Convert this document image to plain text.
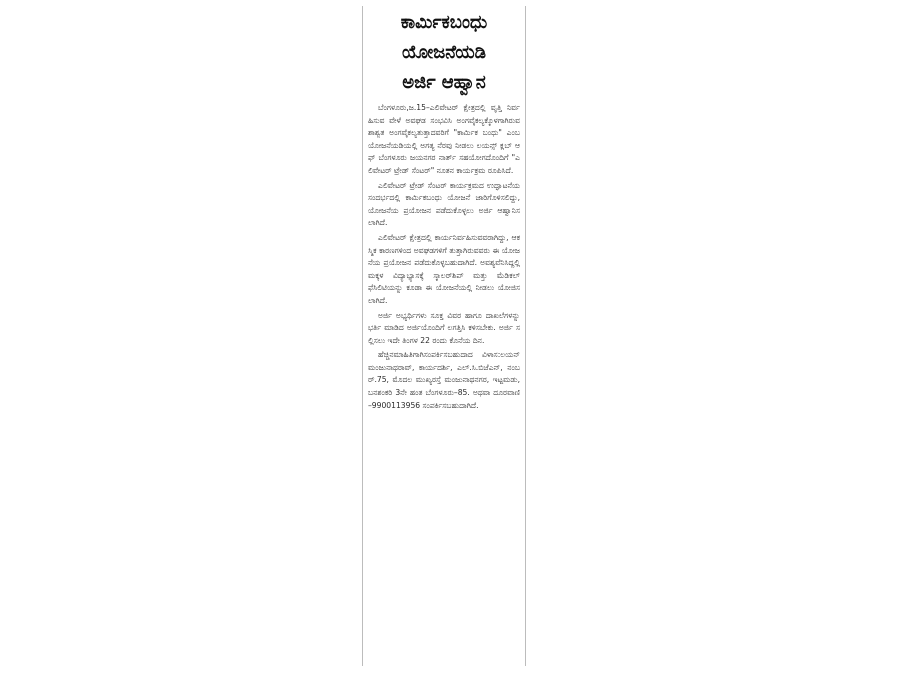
ಕಾರ್ಮಿಕಬಂಧು
ಯೋಜನೆಯಡಿ
ಅರ್ಜಿ ಆಹ್ವಾನ

ಬೆಂಗಳೂರು,ಜ.15–ಎಲಿವೇಟರ್ ಕ್ಷೇತ್ರದಲ್ಲಿ ವೃತ್ತಿ ನಿರ್ವಹಿಸುವ ವೇಳೆ ಅವಘಡ ಸಂಭವಿಸಿ ಅಂಗವೈಕಲ್ಯಕ್ಕೊಳಗಾಗಿರುವ ಶಾಶ್ವತ ಅಂಗವೈಕಲ್ಯತುತ್ತಾದವರಿಗೆ "ಕಾರ್ಮಿಕ ಬಂಧು" ಎಂಬ ಯೋಜನೆಯಡಿಯಲ್ಲಿ ಅಗತ್ಯ ನೆರವು ನೀಡಲು ಲಯನ್ಸ್ ಕ್ಲಬ್ ಆಫ್ ಬೆಂಗಳೂರು ಜಯನಗರ ನಾರ್ತ್ ಸಹಯೋಗದೊಂದಿಗೆ "ಎಲಿವೇಟರ್ ಟ್ರೇಡ್ ಸೆಂಟರ್" ನೂತನ ಕಾರ್ಯಕ್ರಮ ರೂಪಿಸಿದೆ.

ಎಲಿವೇಟರ್ ಟ್ರೇಡ್ ಸೆಂಟರ್ ಕಾರ್ಯಕ್ರಮದ ಉದ್ಘಾಟನೆಯ ಸಂದರ್ಭದಲ್ಲಿ ಕಾರ್ಮಿಕಬಂಧು ಯೋಜನೆ ಜಾರಿಗೊಳಿಸಲಿದ್ದು, ಯೋಜನೆಯ ಪ್ರಯೋಜನ ಪಡೆದುಕೊಳ್ಳಲು ಅರ್ಜಿ ಆಹ್ವಾನಿಸಲಾಗಿದೆ.

ಎಲಿವೇಟರ್ ಕ್ಷೇತ್ರದಲ್ಲಿ ಕಾರ್ಯನಿರ್ವಹಿಸುವವರಾಗಿದ್ದು, ಆಕಸ್ಮಿಕ ಕಾರಣಗಳಿಂದ ಅವಘಡಗಳಿಗೆ ತುತ್ತಾಗಿರುವವರು ಈ ಯೋಜನೆಯ ಪ್ರಯೋಜನ ಪಡೆದುಕೊಳ್ಳಬಹುದಾಗಿದೆ. ಅವಶ್ಯವೆನಿಸಿದ್ದಲ್ಲಿ ಮಕ್ಕಳ ವಿದ್ಯಾಭ್ಯಾಸಕ್ಕೆ ಸ್ಕಾಲರ್‌ಶಿಪ್ ಮತ್ತು ಮೆಡಿಕಲ್ ಫೆಸಿಲಿಟಿಯನ್ನು ಕೂಡಾ ಈ ಯೋಜನೆಯಲ್ಲಿ ನೀಡಲು ಯೋಜಿಸಲಾಗಿದೆ.

ಅರ್ಜಿ ಅಭ್ಯರ್ಥಿಗಳು ಸೂಕ್ತ ವಿವರ ಹಾಗೂ ದಾಖಲೆಗಳನ್ನು ಭರ್ತಿ ಮಾಡಿದ ಅರ್ಜಿಯೊಂದಿಗೆ ಲಗತ್ತಿಸಿ ಕಳಿಸಬೇಕು. ಅರ್ಜಿ ಸಲ್ಲಿಸಲು ಇದೇ ತಿಂಗಳ 22 ರಂದು ಕೊನೆಯ ದಿನ.

ಹೆಚ್ಚಿನಮಾಹಿತಿಗಾಗಿಸಂಪರ್ಕಿಸಬಹುದಾದ ವಿಳಾಸ:ಲಯನ್ ಮಂಜುನಾಥರಾವ್, ಕಾರ್ಯದರ್ಶಿ, ಎಲ್.ಸಿ.ಬಿಜೆಎನ್, ನಂಬರ್.75, ಮೊದಲ ಮುಖ್ಯರಸ್ತೆ ಮಂಜುನಾಥನಗರ, ಇಟ್ಟಮಡು, ಬನಶಂಕರಿ 3ನೇ ಹಂತ ಬೆಂಗಳೂರು–85. ಅಥವಾ ದೂರವಾಣಿ –9900113956 ಸಂಪರ್ಕಿಸಬಹುದಾಗಿದೆ.
